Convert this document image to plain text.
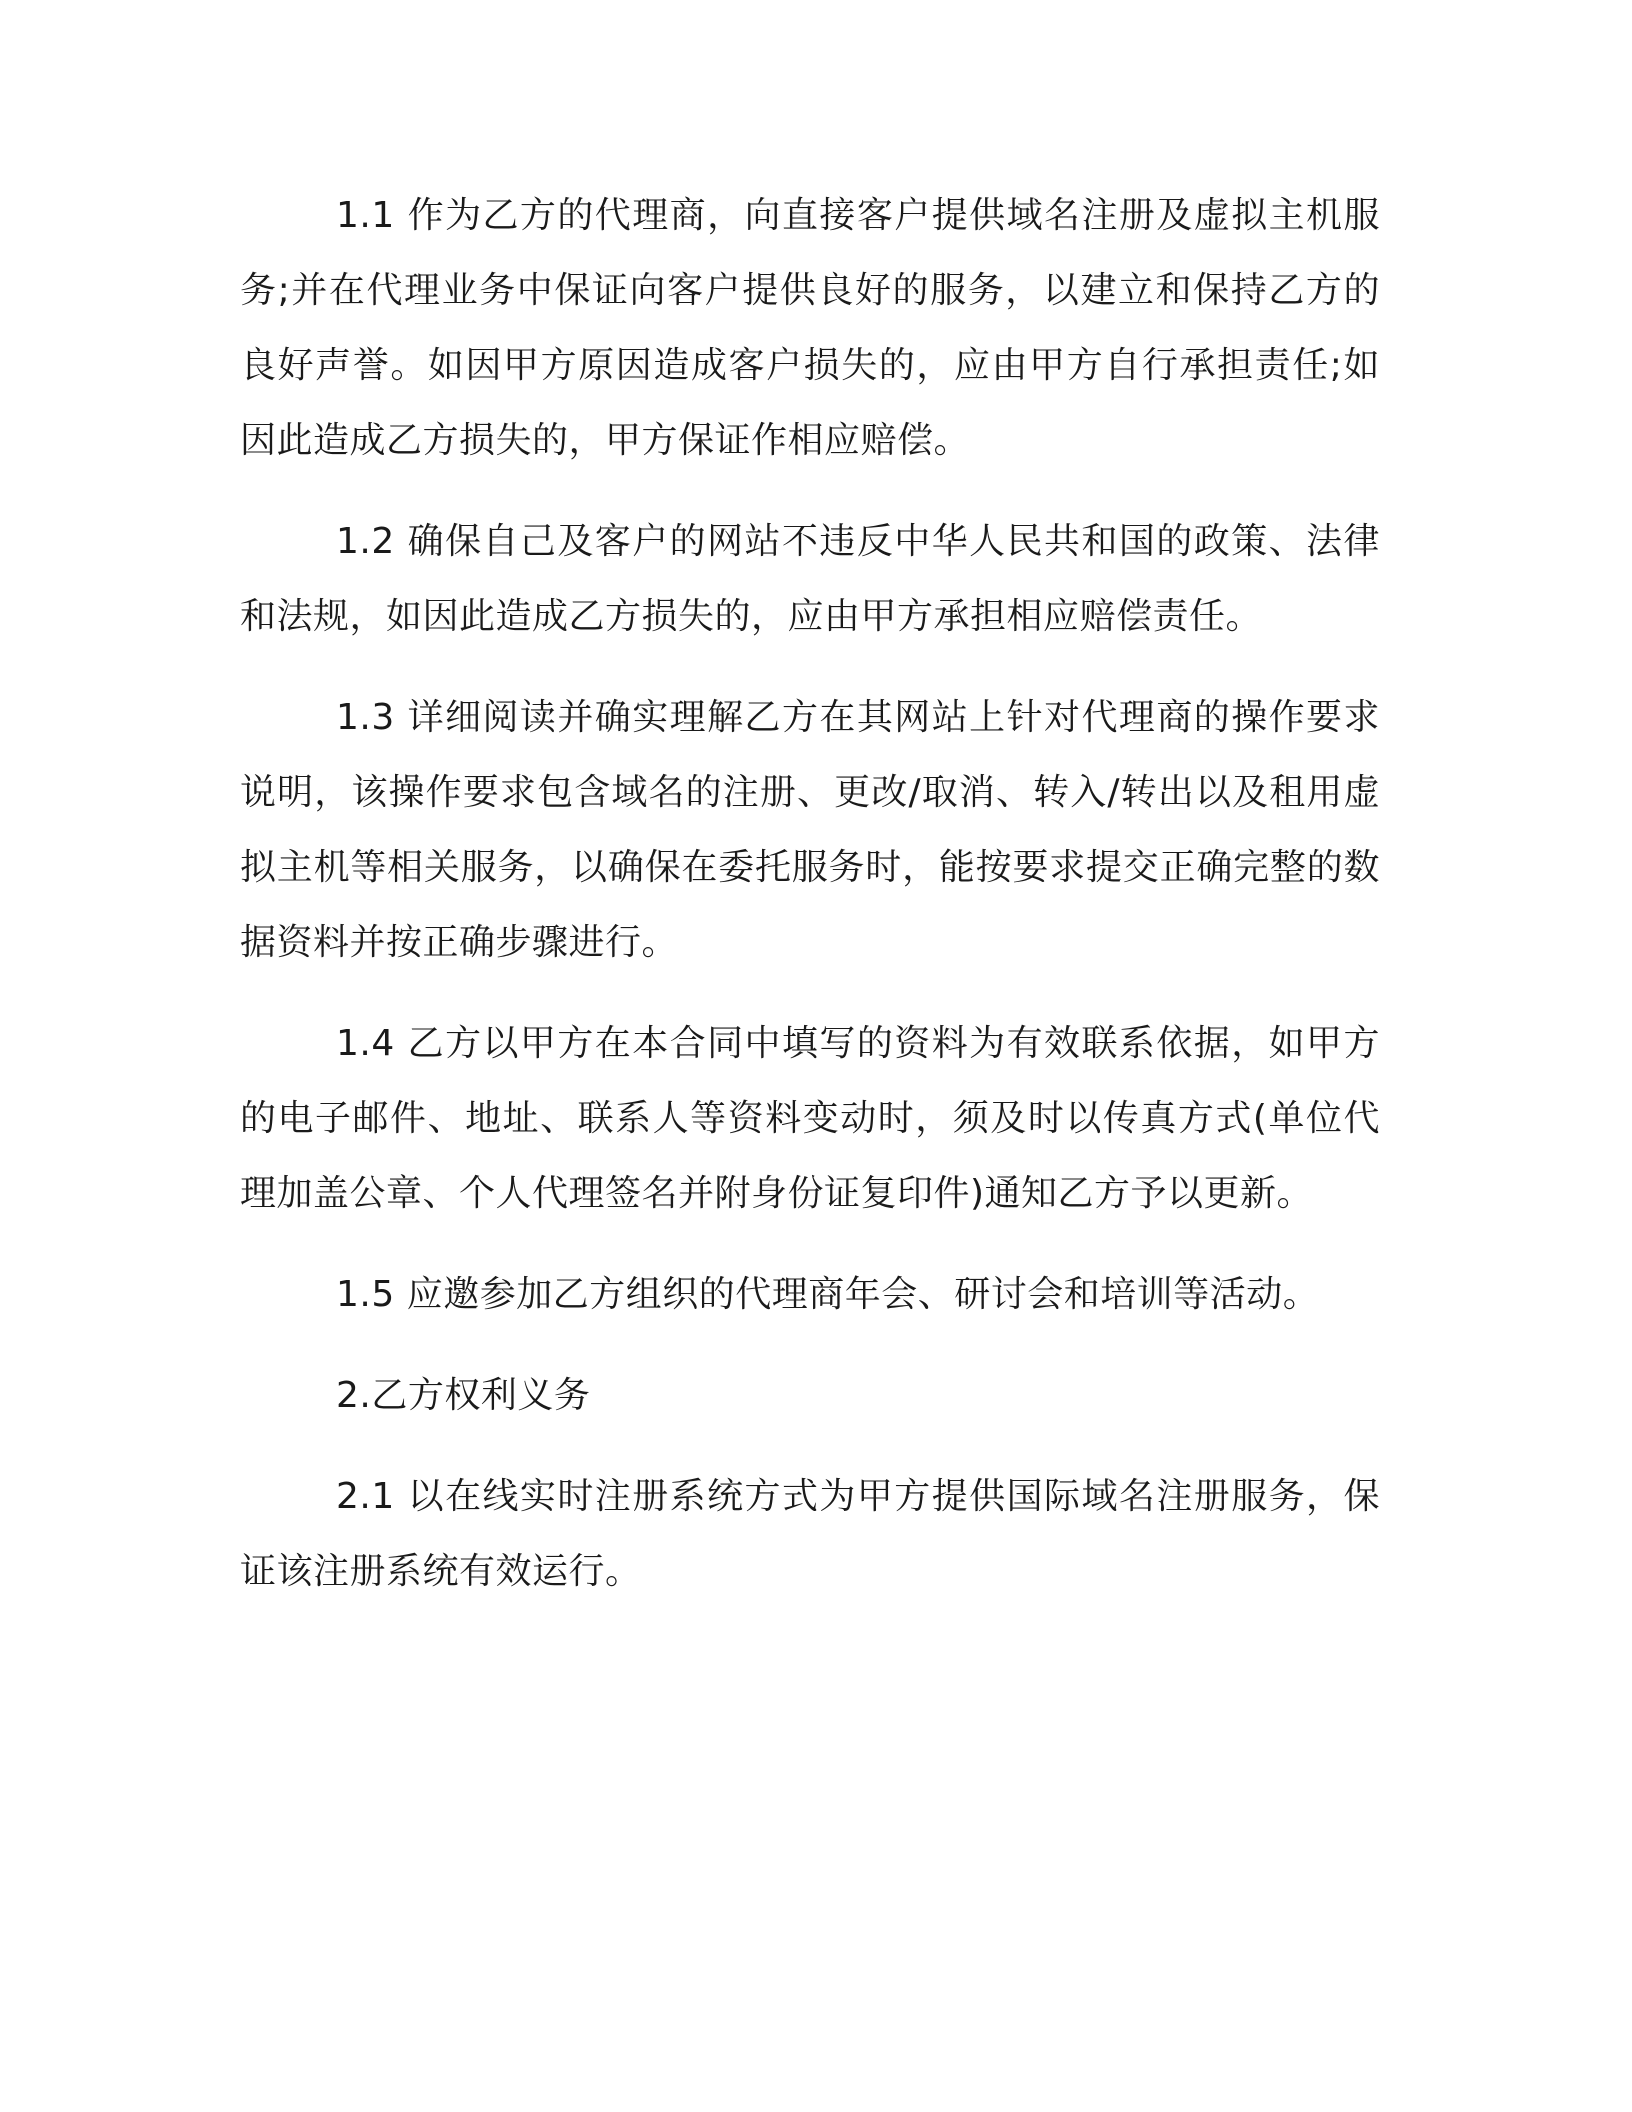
1.1 作为乙方的代理商，向直接客户提供域名注册及虚拟主机服务;并在代理业务中保证向客户提供良好的服务，以建立和保持乙方的良好声誉。如因甲方原因造成客户损失的，应由甲方自行承担责任;如因此造成乙方损失的，甲方保证作相应赔偿。

1.2 确保自己及客户的网站不违反中华人民共和国的政策、法律和法规，如因此造成乙方损失的，应由甲方承担相应赔偿责任。

1.3 详细阅读并确实理解乙方在其网站上针对代理商的操作要求说明，该操作要求包含域名的注册、更改/取消、转入/转出以及租用虚拟主机等相关服务，以确保在委托服务时，能按要求提交正确完整的数据资料并按正确步骤进行。

1.4 乙方以甲方在本合同中填写的资料为有效联系依据，如甲方的电子邮件、地址、联系人等资料变动时，须及时以传真方式(单位代理加盖公章、个人代理签名并附身份证复印件)通知乙方予以更新。

1.5 应邀参加乙方组织的代理商年会、研讨会和培训等活动。

2.乙方权利义务

2.1 以在线实时注册系统方式为甲方提供国际域名注册服务，保证该注册系统有效运行。
